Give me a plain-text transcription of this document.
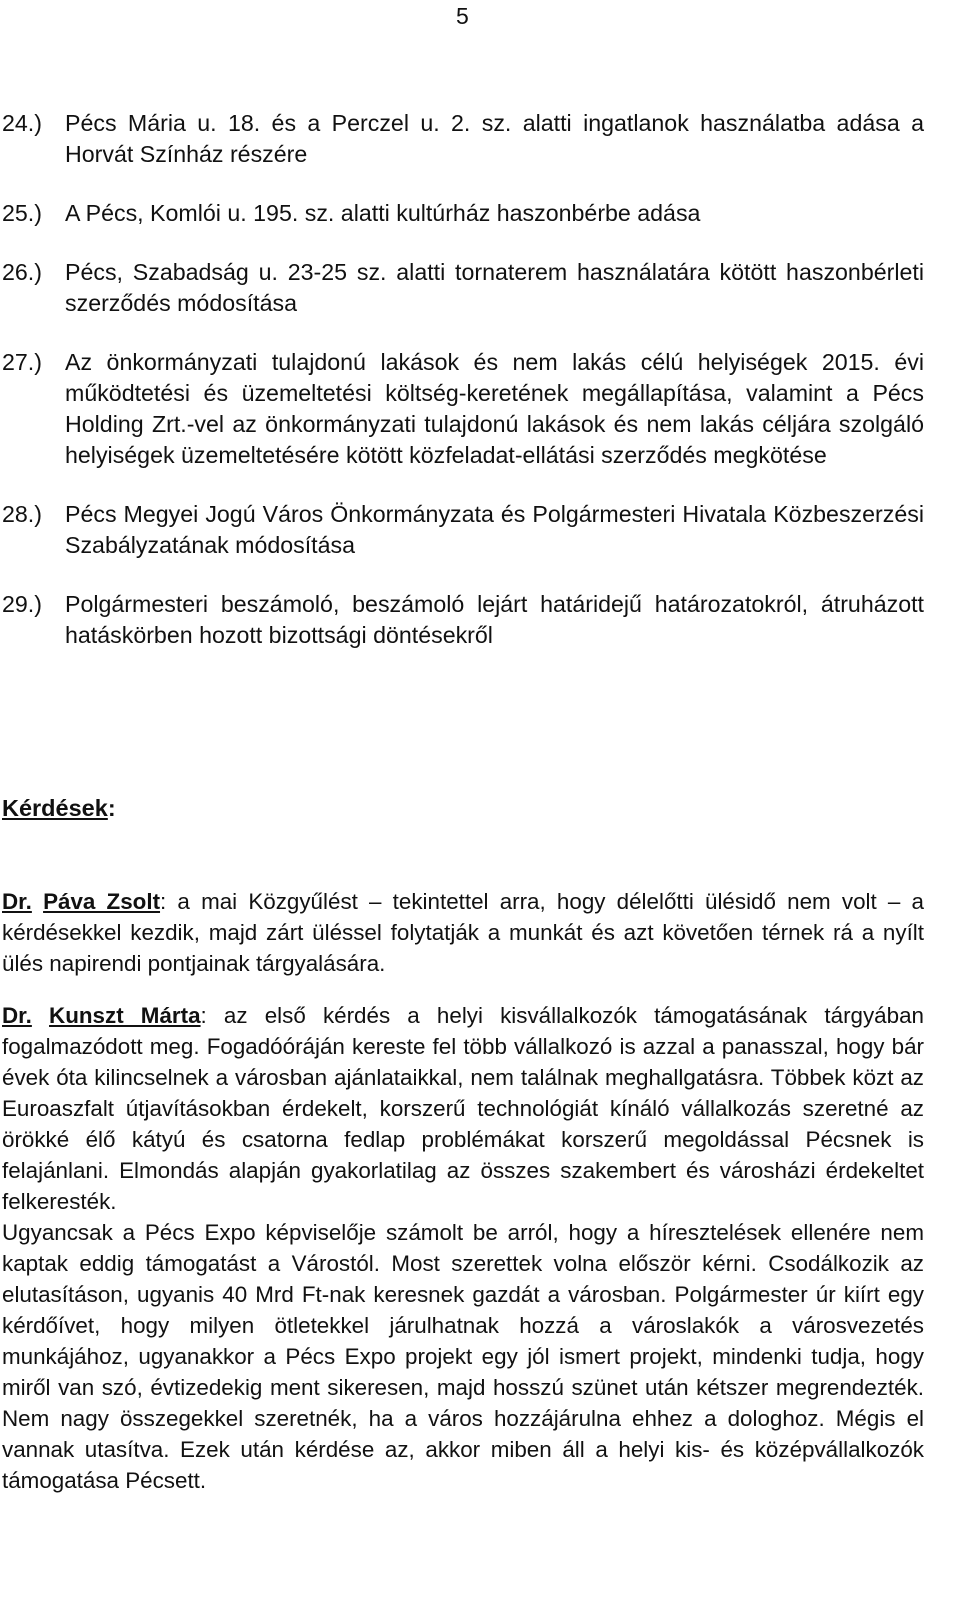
5
24.) Pécs Mária u. 18. és a Perczel u. 2. sz. alatti ingatlanok használatba adása a Horvát Színház részére
25.) A Pécs, Komlói u. 195. sz. alatti kultúrház haszonbérbe adása
26.) Pécs, Szabadság u. 23-25 sz. alatti tornaterem használatára kötött haszonbérleti szerződés módosítása
27.) Az önkormányzati tulajdonú lakások és nem lakás célú helyiségek 2015. évi működtetési és üzemeltetési költség-keretének megállapítása, valamint a Pécs Holding Zrt.-vel az önkormányzati tulajdonú lakások és nem lakás céljára szolgáló helyiségek üzemeltetésére kötött közfeladat-ellátási szerződés megkötése
28.) Pécs Megyei Jogú Város Önkormányzata és Polgármesteri Hivatala Közbeszerzési Szabályzatának módosítása
29.) Polgármesteri beszámoló, beszámoló lejárt határidejű határozatokról, átruházott hatáskörben hozott bizottsági döntésekről
Kérdések:

Dr. Páva Zsolt: a mai Közgyűlést – tekintettel arra, hogy délelőtti ülésidő nem volt – a kérdésekkel kezdik, majd zárt üléssel folytatják a munkát és azt követően térnek rá a nyílt ülés napirendi pontjainak tárgyalására.

Dr. Kunszt Márta: az első kérdés a helyi kisvállalkozók támogatásának tárgyában fogalmazódott meg. Fogadóóráján kereste fel több vállalkozó is azzal a panasszal, hogy bár évek óta kilincselnek a városban ajánlataikkal, nem találnak meghallgatásra. Többek közt az Euroaszfalt útjavításokban érdekelt, korszerű technológiát kínáló vállalkozás szeretné az örökké élő kátyú és csatorna fedlap problémákat korszerű megoldással Pécsnek is felajánlani. Elmondás alapján gyakorlatilag az összes szakembert és városházi érdekeltet felkeresték.

Ugyancsak a Pécs Expo képviselője számolt be arról, hogy a híresztelések ellenére nem kaptak eddig támogatást a Várostól. Most szerettek volna először kérni. Csodálkozik az elutasításon, ugyanis 40 Mrd Ft-nak keresnek gazdát a városban. Polgármester úr kiírt egy kérdőívet, hogy milyen ötletekkel járulhatnak hozzá a városlakók a városvezetés munkájához, ugyanakkor a Pécs Expo projekt egy jól ismert projekt, mindenki tudja, hogy miről van szó, évtizedekig ment sikeresen, majd hosszú szünet után kétszer megrendezték. Nem nagy összegekkel szeretnék, ha a város hozzájárulna ehhez a dologhoz. Mégis el vannak utasítva. Ezek után kérdése az, akkor miben áll a helyi kis- és középvállalkozók támogatása Pécsett.
